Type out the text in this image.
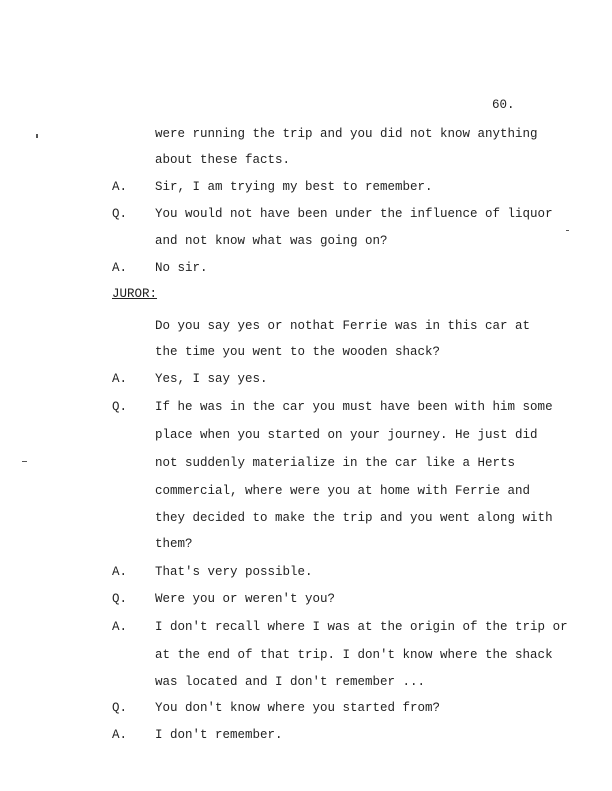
60.
were running the trip and you did not know anything
about these facts.
A. Sir, I am trying my best to remember.
Q. You would not have been under the influence of liquor
and not know what was going on?
A. No sir.
JUROR:
Do you say yes or nothat Ferrie was in this car at
the time you went to the wooden shack?
A. Yes, I say yes.
Q. If he was in the car you must have been with him some
place when you started on your journey. He just did
not suddenly materialize in the car like a Herts
commercial, where were you at home with Ferrie and
they decided to make the trip and you went along with
them?
A. That's very possible.
Q. Were you or weren't you?
A. I don't recall where I was at the origin of the trip or
at the end of that trip. I don't know where the shack
was located and I don't remember ...
Q. You don't know where you started from?
A. I don't remember.
